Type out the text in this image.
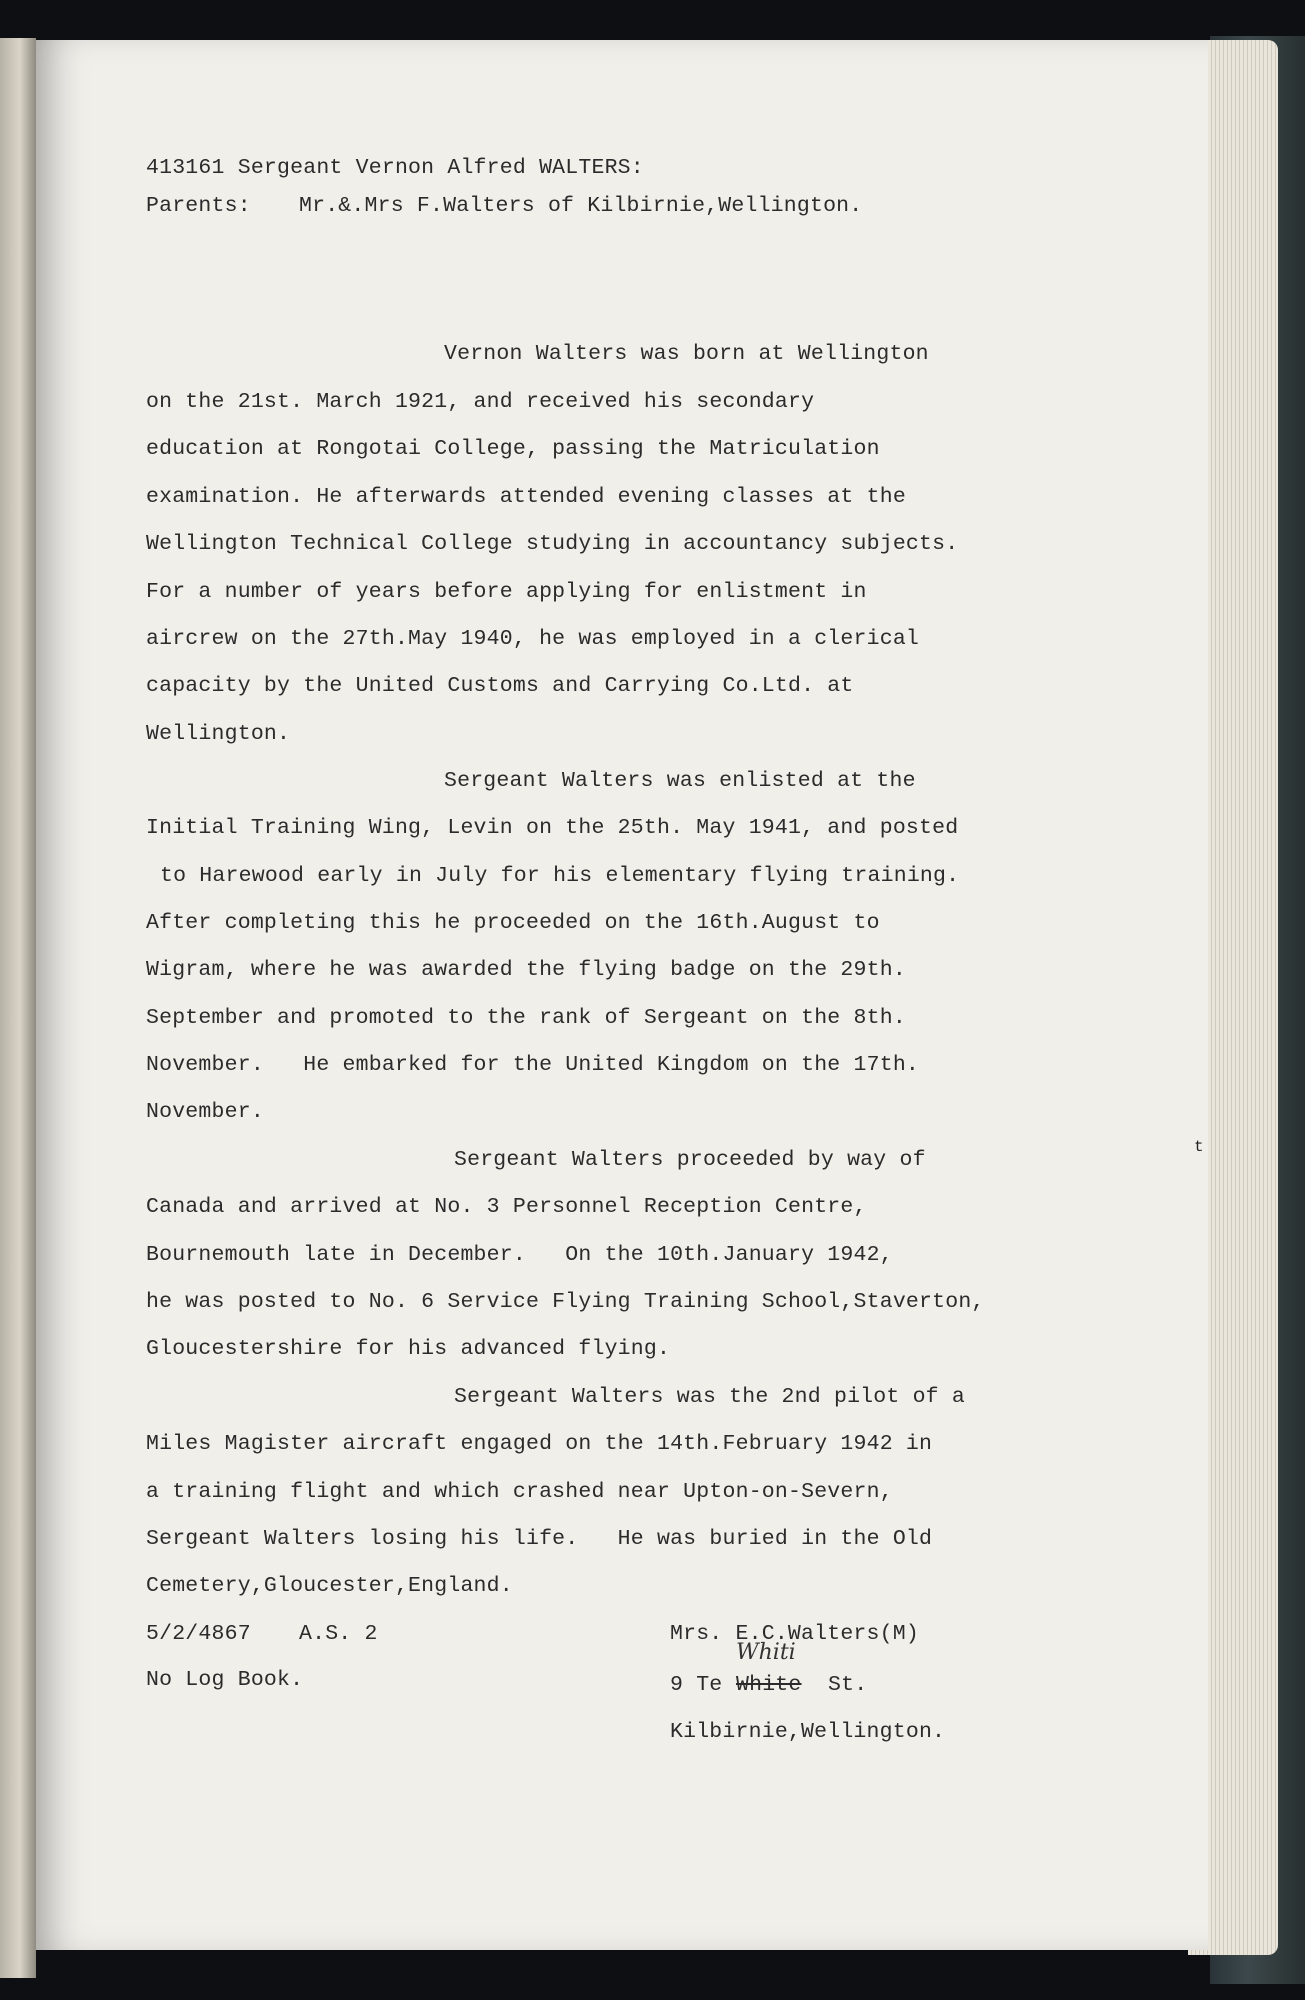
413161 Sergeant Vernon Alfred WALTERS:
Parents: Mr.&.Mrs F.Walters of Kilbirnie,Wellington.
Vernon Walters was born at Wellington
on the 21st. March 1921, and received his secondary
education at Rongotai College, passing the Matriculation
examination. He afterwards attended evening classes at the
Wellington Technical College studying in accountancy subjects.
For a number of years before applying for enlistment in
aircrew on the 27th.May 1940, he was employed in a clerical
capacity by the United Customs and Carrying Co.Ltd. at
Wellington.
Sergeant Walters was enlisted at the
Initial Training Wing, Levin on the 25th. May 1941, and posted
to Harewood early in July for his elementary flying training.
After completing this he proceeded on the 16th.August to
Wigram, where he was awarded the flying badge on the 29th.
September and promoted to the rank of Sergeant on the 8th.
November.   He embarked for the United Kingdom on the 17th.
November.
Sergeant Walters proceeded by way of
Canada and arrived at No. 3 Personnel Reception Centre,
Bournemouth late in December.   On the 10th.January 1942,
he was posted to No. 6 Service Flying Training School,Staverton,
Gloucestershire for his advanced flying.
Sergeant Walters was the 2nd pilot of a
Miles Magister aircraft engaged on the 14th.February 1942 in
a training flight and which crashed near Upton-on-Severn,
Sergeant Walters losing his life.   He was buried in the Old
Cemetery,Gloucester,England.
5/2/4867 A.S. 2
No Log Book.
Mrs. E.C.Walters(M)
Whiti
9 Te White St.
Kilbirnie,Wellington.
t
